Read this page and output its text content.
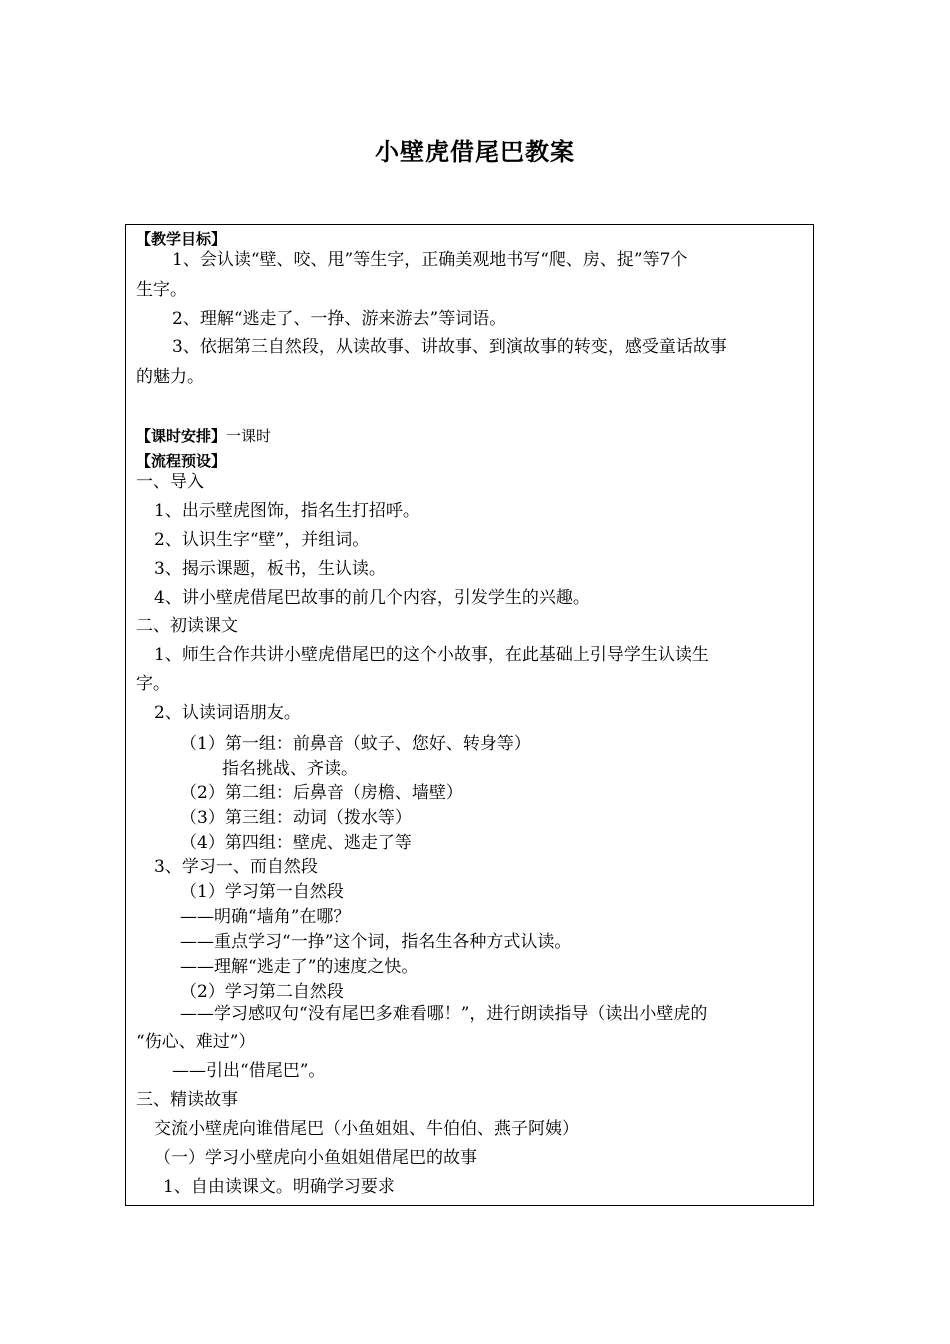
小壁虎借尾巴教案
【教学目标】
1、会认读“壁、咬、甩”等生字，正确美观地书写“爬、房、捉”等7个
生字。
2、理解“逃走了、一挣、游来游去”等词语。
3、依据第三自然段，从读故事、讲故事、到演故事的转变，感受童话故事
的魅力。
【课时安排】一课时
【流程预设】
一、导入
1、出示壁虎图饰，指名生打招呼。
2、认识生字“壁”，并组词。
3、揭示课题，板书，生认读。
4、讲小壁虎借尾巴故事的前几个内容，引发学生的兴趣。
二、初读课文
1、师生合作共讲小壁虎借尾巴的这个小故事，在此基础上引导学生认读生
字。
2、认读词语朋友。
（1）第一组：前鼻音（蚊子、您好、转身等）
指名挑战、齐读。
（2）第二组：后鼻音（房檐、墙壁）
（3）第三组：动词（拨水等）
（4）第四组：壁虎、逃走了等
3、学习一、而自然段
（1）学习第一自然段
——明确“墙角”在哪？
——重点学习“一挣”这个词，指名生各种方式认读。
——理解“逃走了”的速度之快。
（2）学习第二自然段
——学习感叹句“没有尾巴多难看哪！”，进行朗读指导（读出小壁虎的
“伤心、难过”）
——引出“借尾巴”。
三、精读故事
交流小壁虎向谁借尾巴（小鱼姐姐、牛伯伯、燕子阿姨）
（一）学习小壁虎向小鱼姐姐借尾巴的故事
1、自由读课文。明确学习要求
